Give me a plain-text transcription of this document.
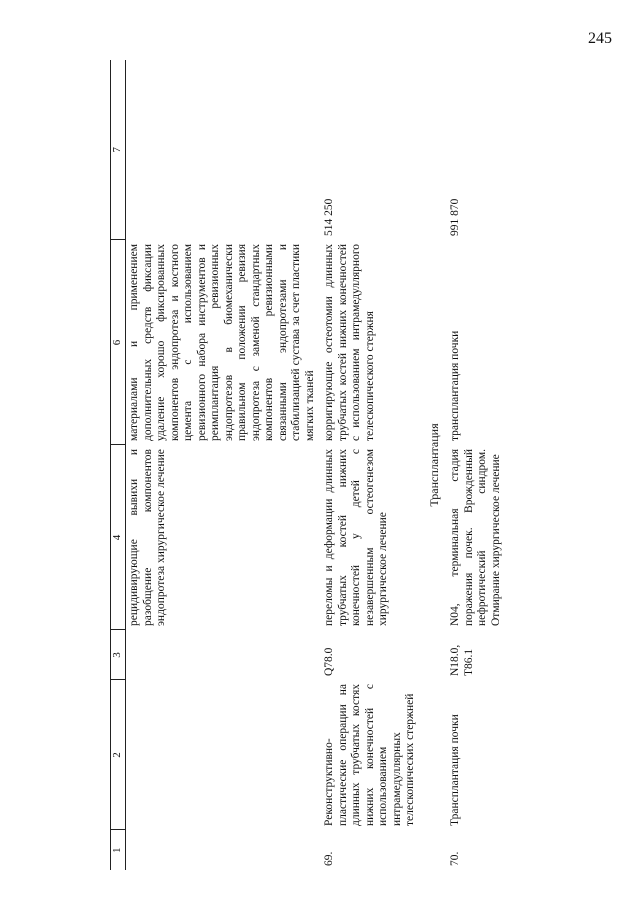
245
1	2	3	4	6	7
			рецидивирующие вывихи и разобщение компонентов эндопротеза хирургическое лечение	материалами и применением дополнительных средств фиксации удаление хорошо фиксированных компонентов эндопротеза и костного цемента с использованием ревизионного набора инструментов и реимплантация ревизионных эндопротезов в биомеханически правильном положении ревизия эндопротеза с заменой стандартных компонентов ревизионными связанными эндопротезами и стабилизацией сустава за счет пластики мягких тканей	
69.	Реконструктивно-пластические операции на длинных трубчатых костях нижних конечностей с использованием интрамедуллярных телескопических стержней	Q78.0	переломы и деформации длинных трубчатых костей нижних конечностей у детей с незавершенным остеогенезом хирургическое лечение	корригирующие остеотомии длинных трубчатых костей нижних конечностей с использованием интрамедуллярного телескопического стержня	514 250
Трансплантация					
70.	Трансплантация почки	N18.0, T86.1	N04, терминальная стадия поражения почек. Врожденный нефротический синдром. Отмирание хирургическое лечение	трансплантация почки	991 870
